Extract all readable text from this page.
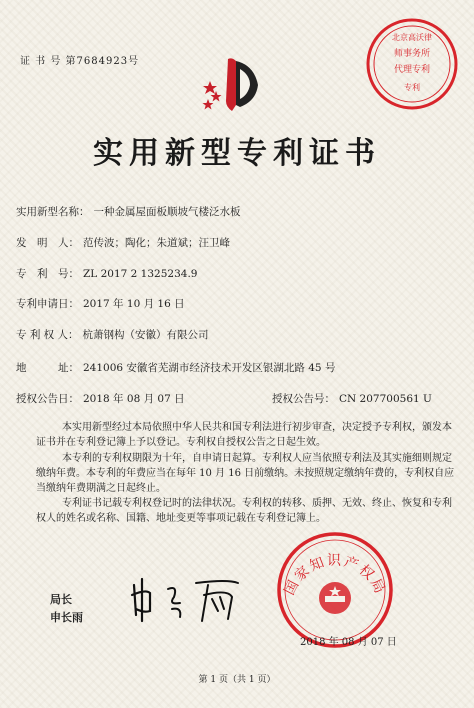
证 书 号 第7684923号
北京高沃律
师事务所
代理专利
专利
实用新型专利证书
实用新型名称： 一种金属屋面板顺坡气楼泛水板
发　明　人： 范传波；陶化；朱道斌；汪卫峰
专　利　号： ZL 2017 2 1325234.9
专利申请日： 2017 年 10 月 16 日
专 利 权 人： 杭萧钢构（安徽）有限公司
地　　　址： 241006 安徽省芜湖市经济技术开发区银湖北路 45 号
授权公告日： 2018 年 08 月 07 日	授权公告号： CN 207700561 U

本实用新型经过本局依照中华人民共和国专利法进行初步审查，决定授予专利权，颁发本证书并在专利登记簿上予以登记。专利权自授权公告之日起生效。

本专利的专利权期限为十年，自申请日起算。专利权人应当依照专利法及其实施细则规定缴纳年费。本专利的年费应当在每年 10 月 16 日前缴纳。未按照规定缴纳年费的，专利权自应当缴纳年费期满之日起终止。

专利证书记载专利权登记时的法律状况。专利权的转移、质押、无效、终止、恢复和专利权人的姓名或名称、国籍、地址变更等事项记载在专利登记簿上。

局长
申长雨
国家知识产权局
2018 年 08 月 07 日
第 1 页（共 1 页）
